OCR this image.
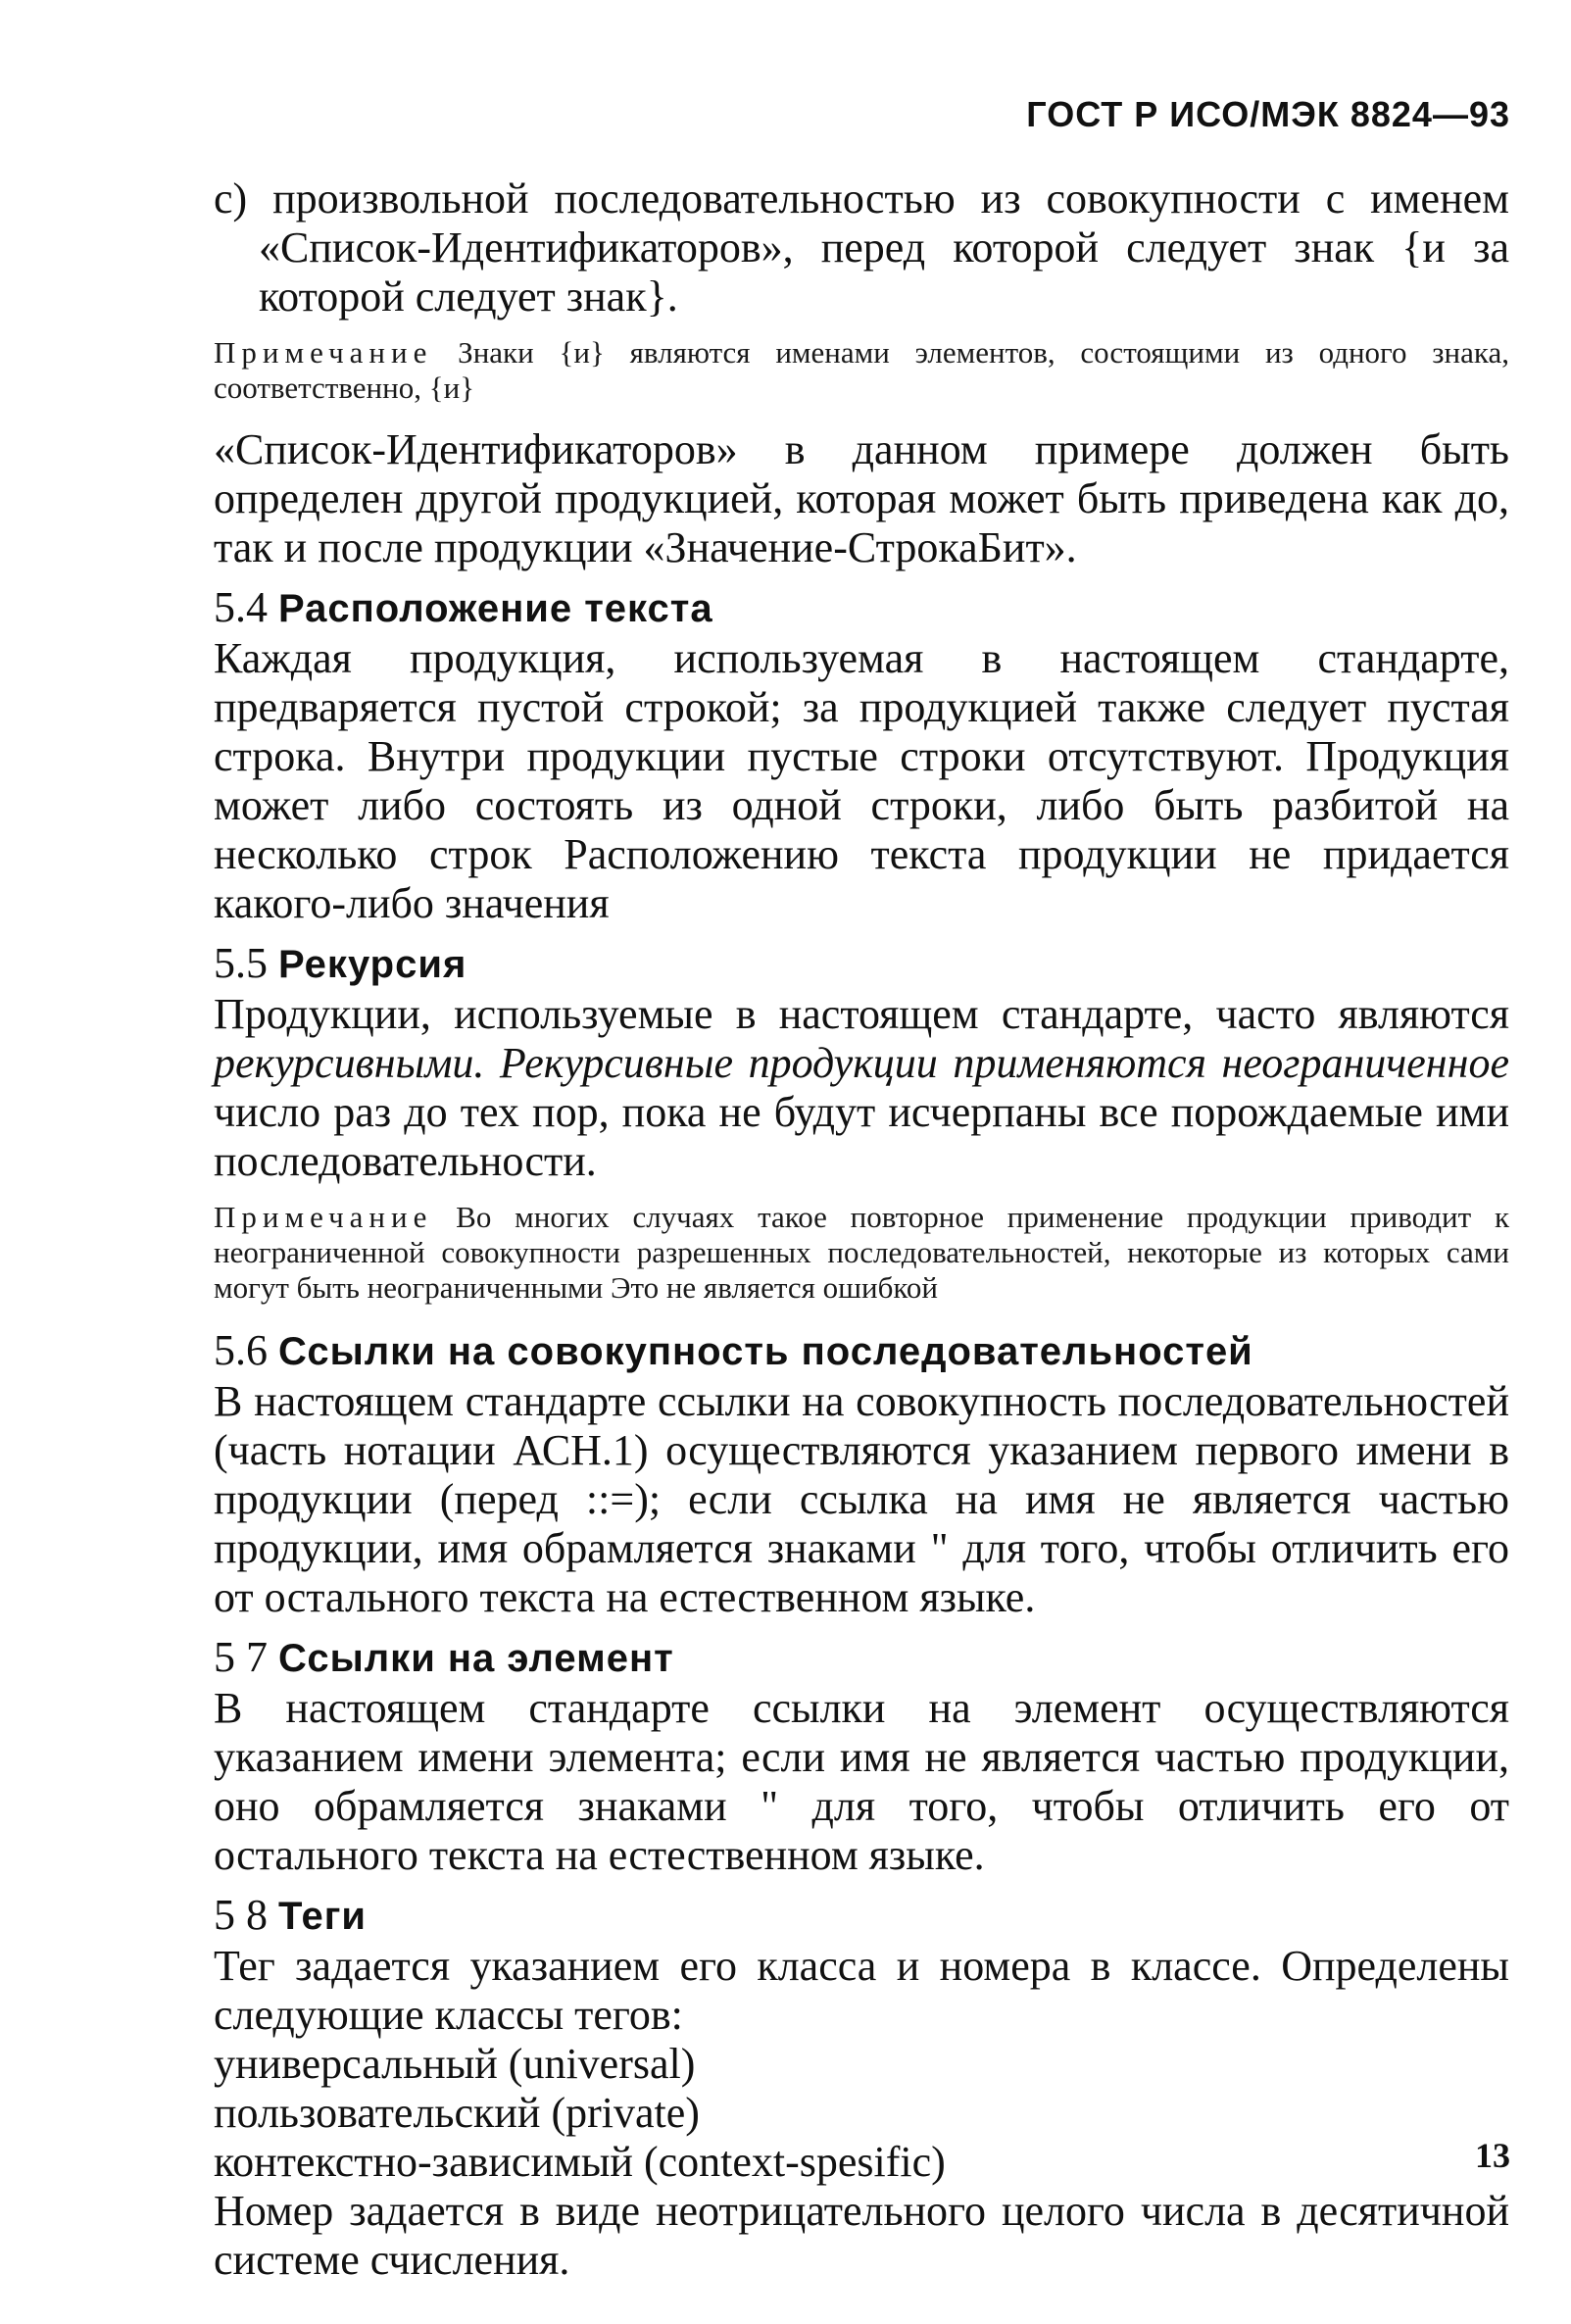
ГОСТ Р ИСО/МЭК 8824—93

с) произвольной последовательностью из совокупности с именем «Список-Идентификаторов», перед которой следует знак {и за которой следует знак}.

Примечание Знаки {и} являются именами элементов, состоящими из одного знака, соответственно, {и}

«Список-Идентификаторов» в данном примере должен быть определен другой продукцией, которая может быть приведена как до, так и после продукции «Значение-СтрокаБит».

5.4 Расположение текста

Каждая продукция, используемая в настоящем стандарте, предваряется пустой строкой; за продукцией также следует пустая строка. Внутри продукции пустые строки отсутствуют. Продукция может либо состоять из одной строки, либо быть разбитой на несколько строк Расположению текста продукции не придается какого-либо значения

5.5 Рекурсия

Продукции, используемые в настоящем стандарте, часто являются рекурсивными. Рекурсивные продукции применяются неограниченное число раз до тех пор, пока не будут исчерпаны все порождаемые ими последовательности.

Примечание Во многих случаях такое повторное применение продукции приводит к неограниченной совокупности разрешенных последовательностей, некоторые из которых сами могут быть неограниченными Это не является ошибкой

5.6 Ссылки на совокупность последовательностей

В настоящем стандарте ссылки на совокупность последовательностей (часть нотации АСН.1) осуществляются указанием первого имени в продукции (перед ::=); если ссылка на имя не является частью продукции, имя обрамляется знаками " для того, чтобы отличить его от остального текста на естественном языке.

5 7 Ссылки на элемент

В настоящем стандарте ссылки на элемент осуществляются указанием имени элемента; если имя не является частью продукции, оно обрамляется знаками " для того, чтобы отличить его от остального текста на естественном языке.

5 8 Теги

Тег задается указанием его класса и номера в классе. Определены следующие классы тегов:

универсальный (universal)

пользовательский (private)

контекстно-зависимый (context-spesific)

Номер задается в виде неотрицательного целого числа в десятичной системе счисления.

13
